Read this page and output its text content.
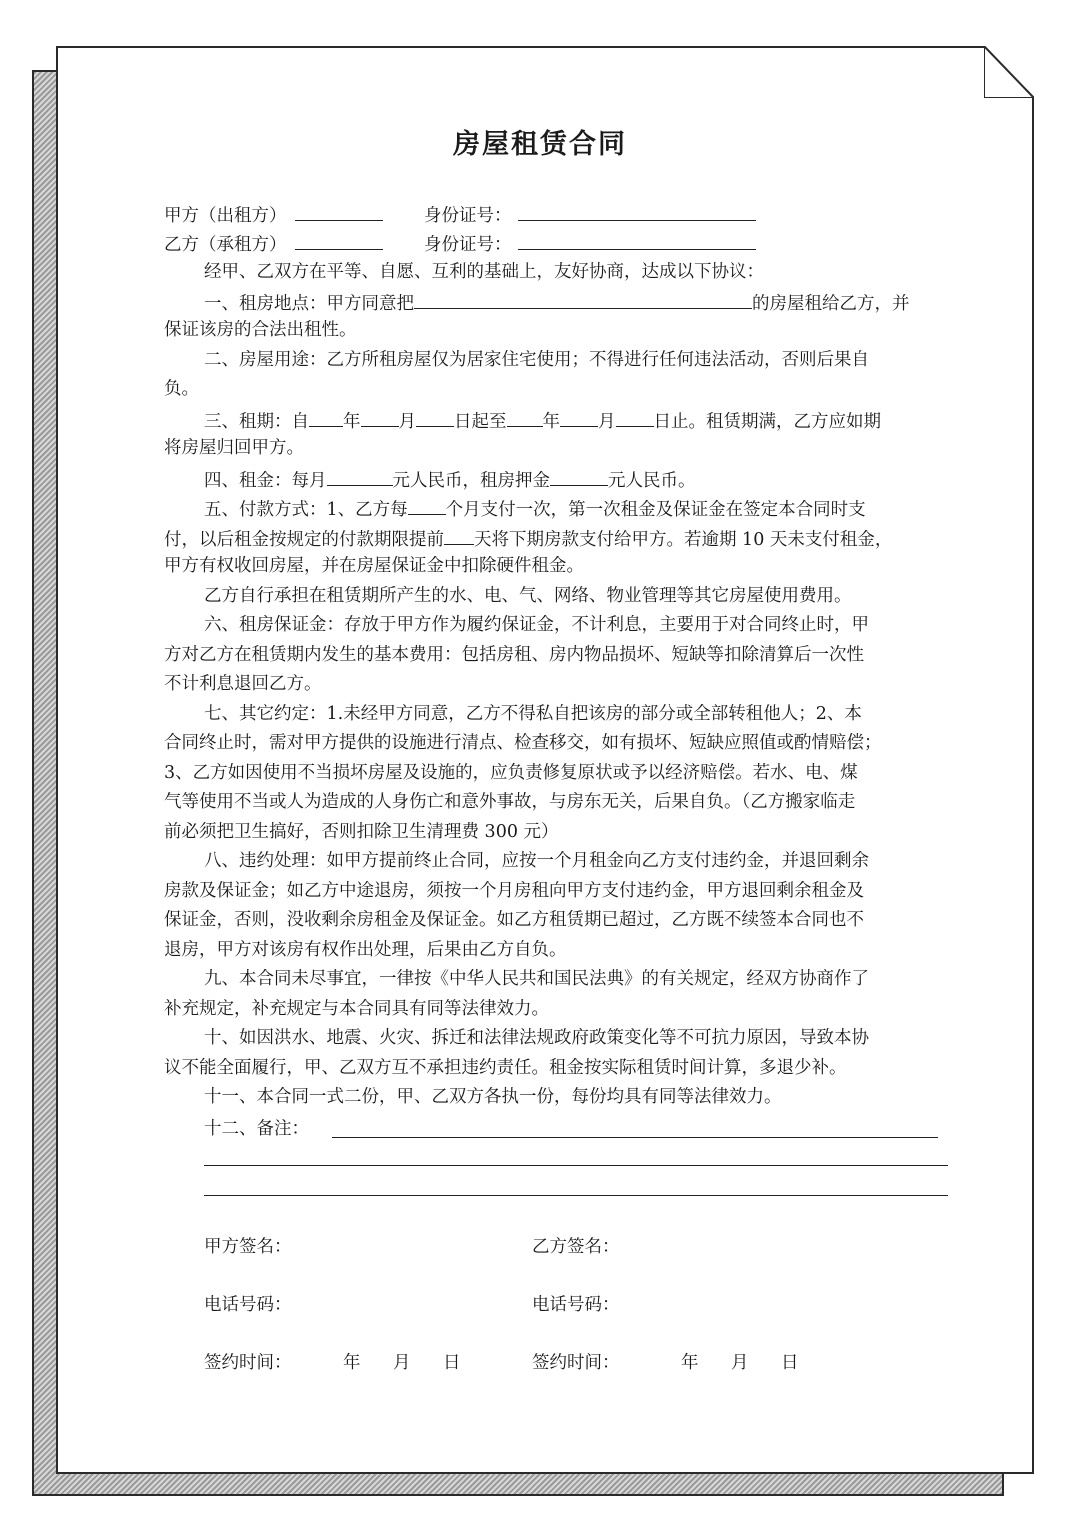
房屋租赁合同
甲方（出租方）	身份证号：
乙方（承租方）	身份证号：
经甲、乙双方在平等、自愿、互利的基础上，友好协商，达成以下协议：
一、租房地点：甲方同意把	的房屋租给乙方，并
保证该房的合法出租性。
二、房屋用途：乙方所租房屋仅为居家住宅使用；不得进行任何违法活动，否则后果自
负。
三、租期：自 年 月 日起至 年 月 日止。租赁期满，乙方应如期
将房屋归回甲方。
四、租金：每月	元人民币，租房押金	元人民币。
五、付款方式：1、乙方每 个月支付一次，第一次租金及保证金在签定本合同时支
付，以后租金按规定的付款期限提前 天将下期房款支付给甲方。若逾期 10 天未支付租金，
甲方有权收回房屋，并在房屋保证金中扣除硬件租金。
乙方自行承担在租赁期所产生的水、电、气、网络、物业管理等其它房屋使用费用。
六、租房保证金：存放于甲方作为履约保证金，不计利息，主要用于对合同终止时，甲
方对乙方在租赁期内发生的基本费用：包括房租、房内物品损坏、短缺等扣除清算后一次性
不计利息退回乙方。
七、其它约定：1.未经甲方同意，乙方不得私自把该房的部分或全部转租他人；2、本
合同终止时，需对甲方提供的设施进行清点、检查移交，如有损坏、短缺应照值或酌情赔偿；
3、乙方如因使用不当损坏房屋及设施的，应负责修复原状或予以经济赔偿。若水、电、煤
气等使用不当或人为造成的人身伤亡和意外事故，与房东无关，后果自负。（乙方搬家临走
前必须把卫生搞好，否则扣除卫生清理费 300 元）
八、违约处理：如甲方提前终止合同，应按一个月租金向乙方支付违约金，并退回剩余
房款及保证金；如乙方中途退房，须按一个月房租向甲方支付违约金，甲方退回剩余租金及
保证金，否则，没收剩余房租金及保证金。如乙方租赁期已超过，乙方既不续签本合同也不
退房，甲方对该房有权作出处理，后果由乙方自负。
九、本合同未尽事宜，一律按《中华人民共和国民法典》的有关规定，经双方协商作了
补充规定，补充规定与本合同具有同等法律效力。
十、如因洪水、地震、火灾、拆迁和法律法规政府政策变化等不可抗力原因，导致本协
议不能全面履行，甲、乙双方互不承担违约责任。租金按实际租赁时间计算，多退少补。
十一、本合同一式二份，甲、乙双方各执一份，每份均具有同等法律效力。
十二、备注：
甲方签名：	乙方签名：
电话号码：	电话号码：
签约时间：	年 月 日	签约时间：	年 月 日
